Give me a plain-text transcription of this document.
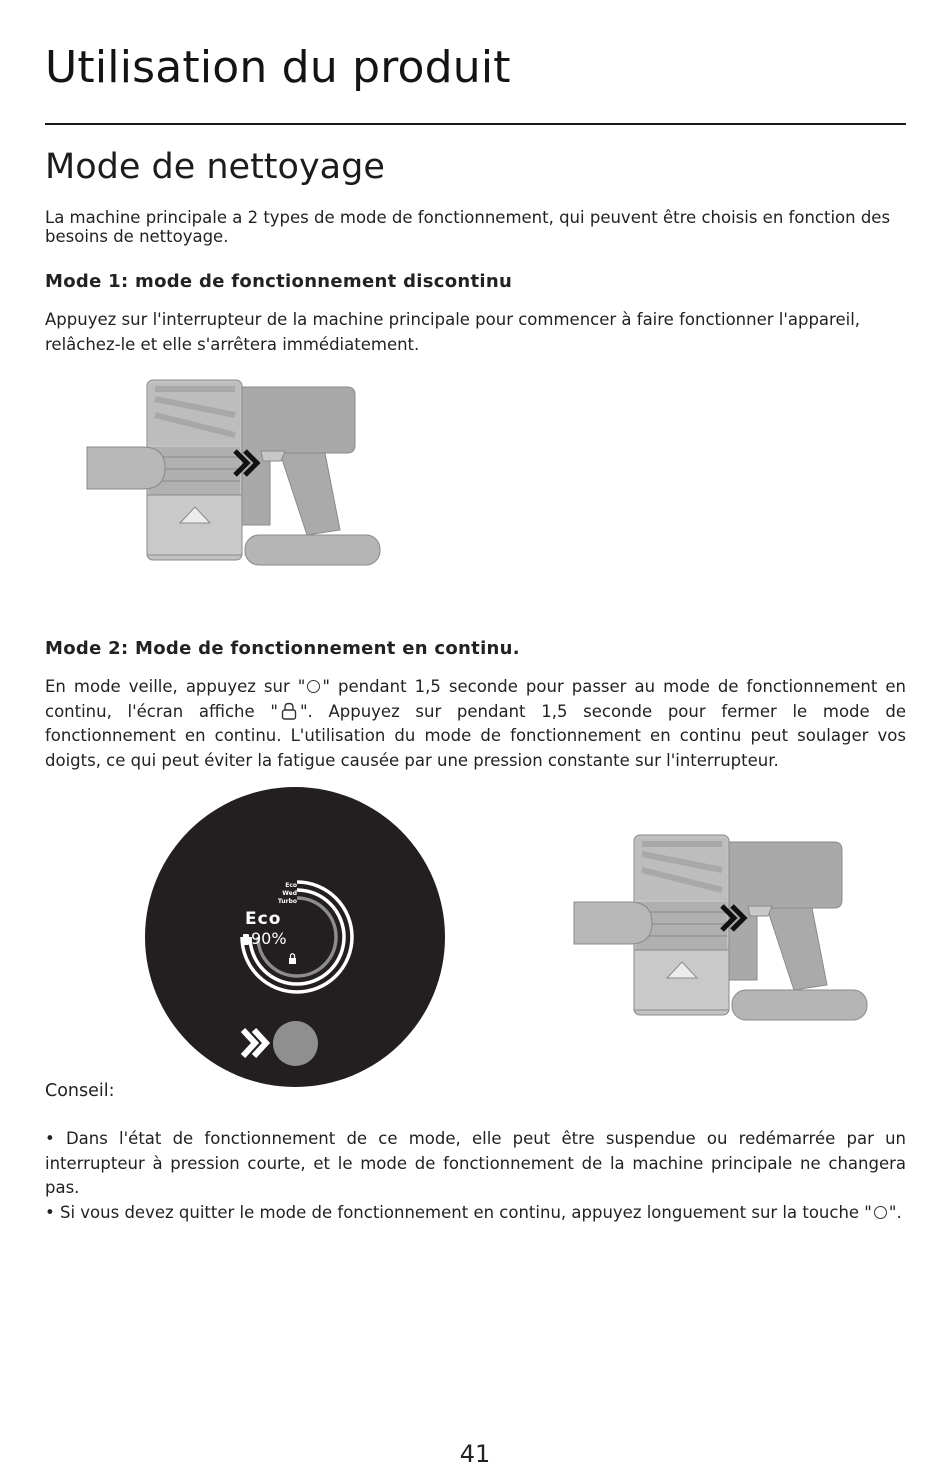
Utilisation du produit
Mode de nettoyage
La machine principale a 2 types de mode de fonctionnement, qui peuvent être choisis en fonction des besoins de nettoyage.
Mode 1: mode de fonctionnement discontinu
Appuyez sur l'interrupteur de la machine principale pour commencer à faire fonctionner l'appareil, relâchez-le et elle s'arrêtera immédiatement.
Mode 2: Mode de fonctionnement en continu.
En mode veille, appuyez sur " " pendant 1,5 seconde pour passer au mode de fonctionnement en continu, l'écran affiche " ". Appuyez sur pendant 1,5 seconde pour fermer le mode de fonctionnement en continu. L'utilisation du mode de fonctionnement en continu peut soulager vos doigts, ce qui peut éviter la fatigue causée par une pression constante sur l'interrupteur.
Eco
Wed
Turbo
Eco
90%
Conseil:
• Dans l'état de fonctionnement de ce mode, elle peut être suspendue ou redémarrée par un interrupteur à pression courte, et le mode de fonctionnement de la machine principale ne changera pas.
• Si vous devez quitter le mode de fonctionnement en continu, appuyez longuement sur la touche " ".
41
